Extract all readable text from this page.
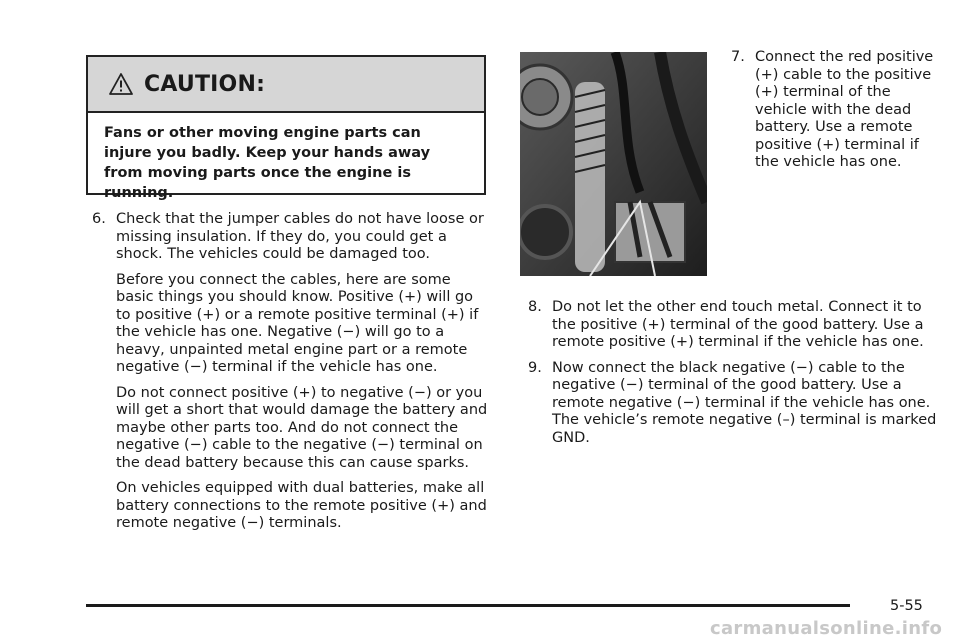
CAUTION:
Fans or other moving engine parts can injure you badly. Keep your hands away from moving parts once the engine is running.
6. Check that the jumper cables do not have loose or missing insulation. If they do, you could get a shock. The vehicles could be damaged too.

Before you connect the cables, here are some basic things you should know. Positive (+) will go to positive (+) or a remote positive terminal (+) if the vehicle has one. Negative (−) will go to a heavy, unpainted metal engine part or a remote negative (−) terminal if the vehicle has one.

Do not connect positive (+) to negative (−) or you will get a short that would damage the battery and maybe other parts too. And do not connect the negative (−) cable to the negative (−) terminal on the dead battery because this can cause sparks.

On vehicles equipped with dual batteries, make all battery connections to the remote positive (+) and remote negative (−) terminals.

7. Connect the red positive (+) cable to the positive (+) terminal of the vehicle with the dead battery. Use a remote positive (+) terminal if the vehicle has one.
8. Do not let the other end touch metal. Connect it to the positive (+) terminal of the good battery. Use a remote positive (+) terminal if the vehicle has one.
9. Now connect the black negative (−) cable to the negative (−) terminal of the good battery. Use a remote negative (−) terminal if the vehicle has one. The vehicle’s remote negative (–) terminal is marked GND.
5-55
carmanualsonline.info
